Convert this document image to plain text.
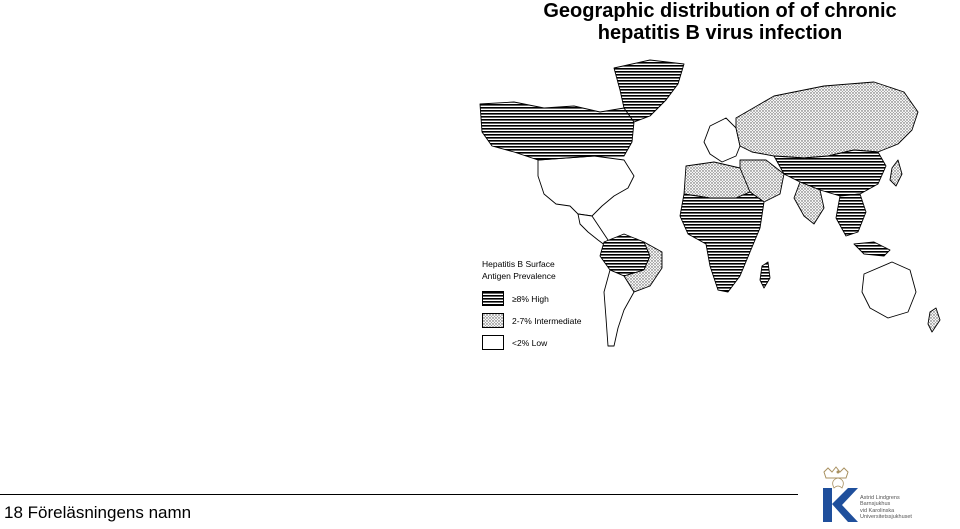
Geographic distribution of of chronic
hepatitis B virus infection
Hepatitis B Surface
Antigen Prevalence
≥8% High
2-7% Intermediate
<2% Low
18 Föreläsningens namn
Astrid Lindgrens
Barnsjukhus
vid Karolinska
Universitetssjukhuset
